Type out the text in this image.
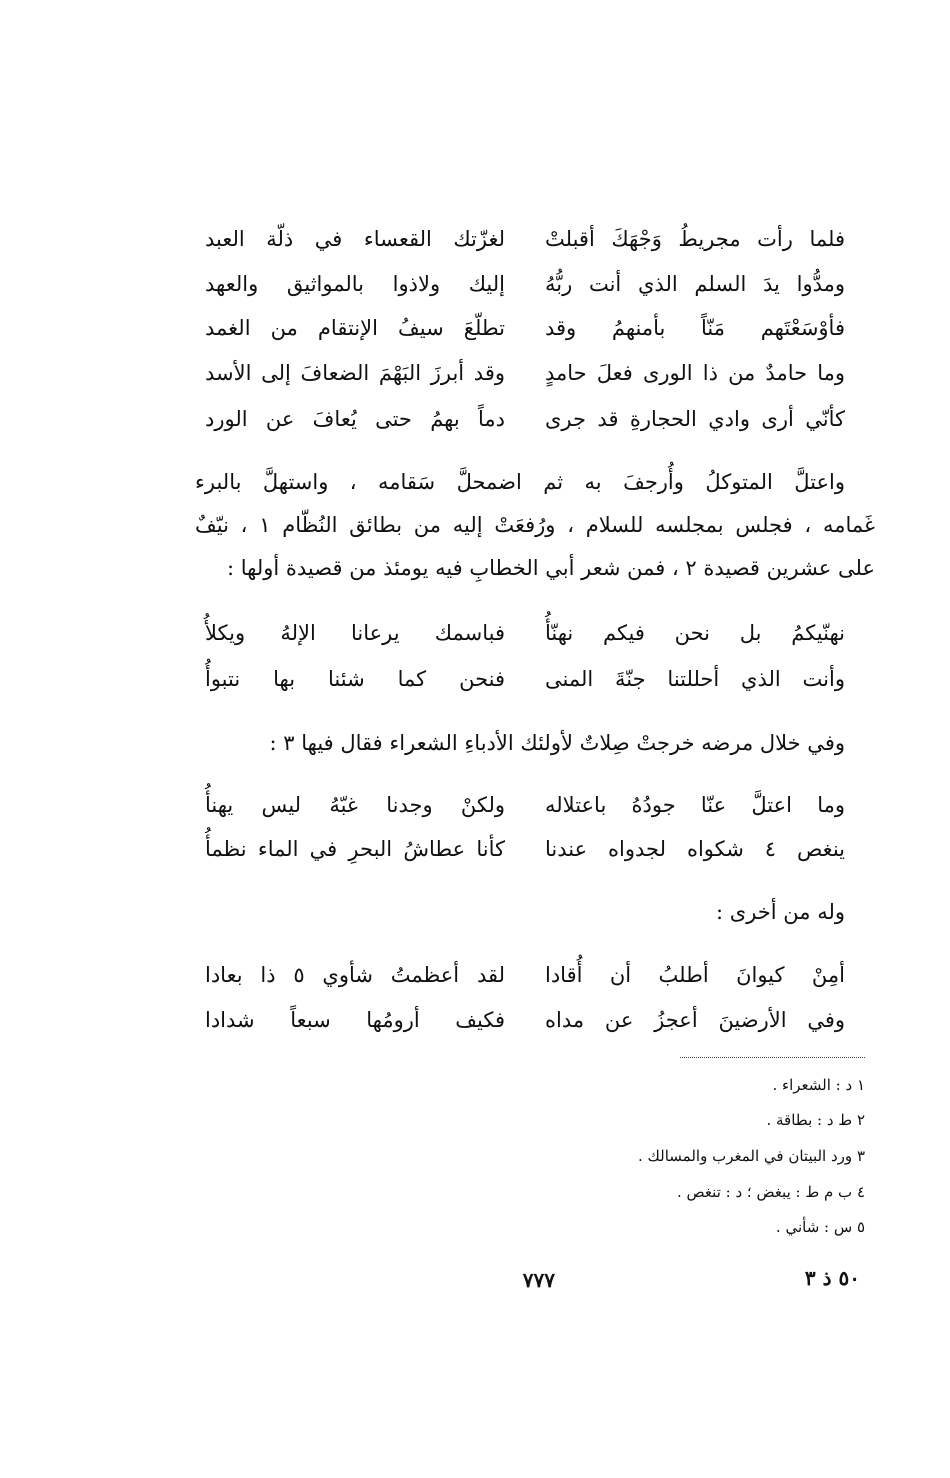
فلما رأت مجريطُ وَجْهَكَ أقبلتْ
لغزّتك القعساء في ذلّة العبد
ومدُّوا يدَ السلم الذي أنت ربُّهُ
إليك ولاذوا بالمواثيق والعهد
فأوْسَعْتَهم مَنّاً بأمنهمُ وقد
تطلّعَ سيفُ الإنتقام من الغمد
وما حامدٌ من ذا الورى فعلَ حامدٍ
وقد أبرزَ البَهْمَ الضعافَ إلى الأسد
كأنّي أرى وادي الحجارةِ قد جرى
دماً بهمُ حتى يُعافَ عن الورد
واعتلَّ المتوكلُ وأُرجفَ به ثم اضمحلَّ سَقامه ، واستهلَّ بالبرء
غَمامه ، فجلس بمجلسه للسلام ، ورُفعَتْ إليه من بطائق النُظّام ١ ، نيّفٌ
على عشرين قصيدة ٢ ، فمن شعر أبي الخطابِ فيه يومئذ من قصيدة أولها :
نهنّيكمُ بل نحن فيكم نهنّأُ
فباسمك يرعانا الإلهُ ويكلأُ
وأنت الذي أحللتنا جنّةَ المنى
فنحن كما شئنا بها نتبوأُ
وفي خلال مرضه خرجتْ صِلاتٌ لأولئك الأدباءِ الشعراء فقال فيها ٣ :
وما اعتلَّ عنّا جودُهُ باعتلاله
ولكنْ وجدنا غبّهُ ليس يهنأُ
ينغص ٤ شكواه لجدواه عندنا
كأنا عطاشُ البحرِ في الماء نظمأُ
وله من أخرى :
أمِنْ كيوانَ أطلبُ أن أُقادا
لقد أعظمتُ شأوي ٥ ذا بعادا
وفي الأرضينَ أعجزُ عن مداه
فكيف أرومُها سبعاً شدادا
١ د : الشعراء .
٢ ط د : بطاقة .
٣ ورد البيتان في المغرب والمسالك .
٤ ب م ط : يبغض ؛ د : تنغص .
٥ س : شأني .
٧٧٧	٥٠ ذ ٣
